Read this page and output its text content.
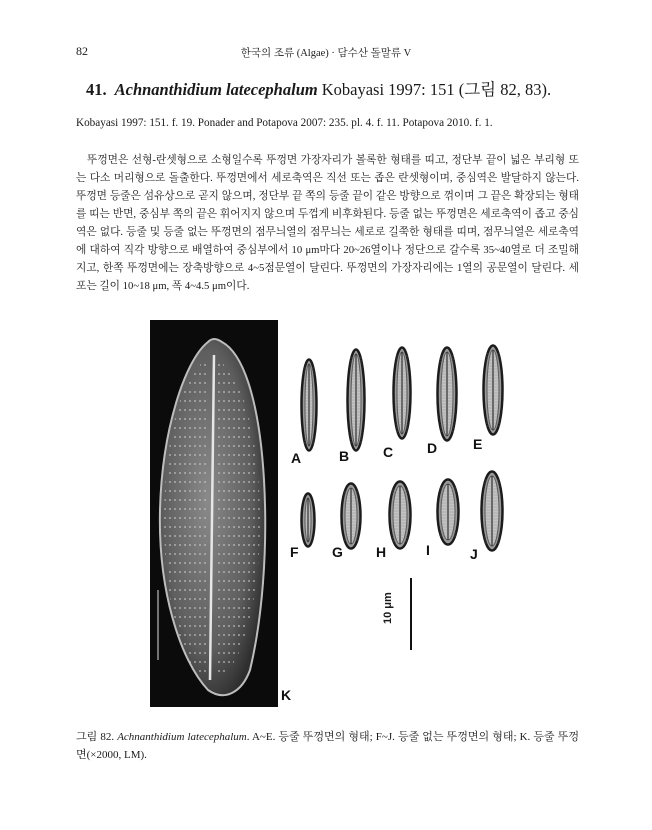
82	한국의 조류 (Algae) · 담수산 돌말류 V
41. Achnanthidium latecephalum Kobayasi 1997: 151 (그림 82, 83).
Kobayasi 1997: 151. f. 19. Ponader and Potapova 2007: 235. pl. 4. f. 11. Potapova 2010. f. 1.

뚜껑면은 선형-란셋형으로 소형일수록 뚜껑면 가장자리가 볼록한 형태를 띠고, 정단부 끝이 넓은 부리형 또는 다소 머리형으로 돌출한다. 뚜껑면에서 세로축역은 직선 또는 좁은 란셋형이며, 중심역은 발달하지 않는다. 뚜껑면 등줄은 섬유상으로 곧지 않으며, 정단부 끝 쪽의 등줄 끝이 같은 방향으로 꺾이며 그 끝은 확장되는 형태를 띠는 반면, 중심부 쪽의 끝은 휘어지지 않으며 두껍게 비후화된다. 등줄 없는 뚜껑면은 세로축역이 좁고 중심역은 없다. 등줄 및 등줄 없는 뚜껑면의 점무늬열의 점무늬는 세로로 길쭉한 형태를 띠며, 점무늬열은 세로축역에 대하여 직각 방향으로 배열하여 중심부에서 10 μm마다 20~26열이나 정단으로 갈수록 35~40열로 더 조밀해지고, 한쪽 뚜껑면에는 장축방향으로 4~5점문열이 달린다. 뚜껑면의 가장자리에는 1열의 공문열이 달린다. 세포는 길이 10~18 μm, 폭 4~4.5 μm이다.

A	B C D	E
F G H	I	J
K
10 μm

그림 82. Achnanthidium latecephalum. A~E. 등줄 뚜껑면의 형태; F~J. 등줄 없는 뚜껑면의 형태; K. 등줄 뚜껑면(×2000, LM).
